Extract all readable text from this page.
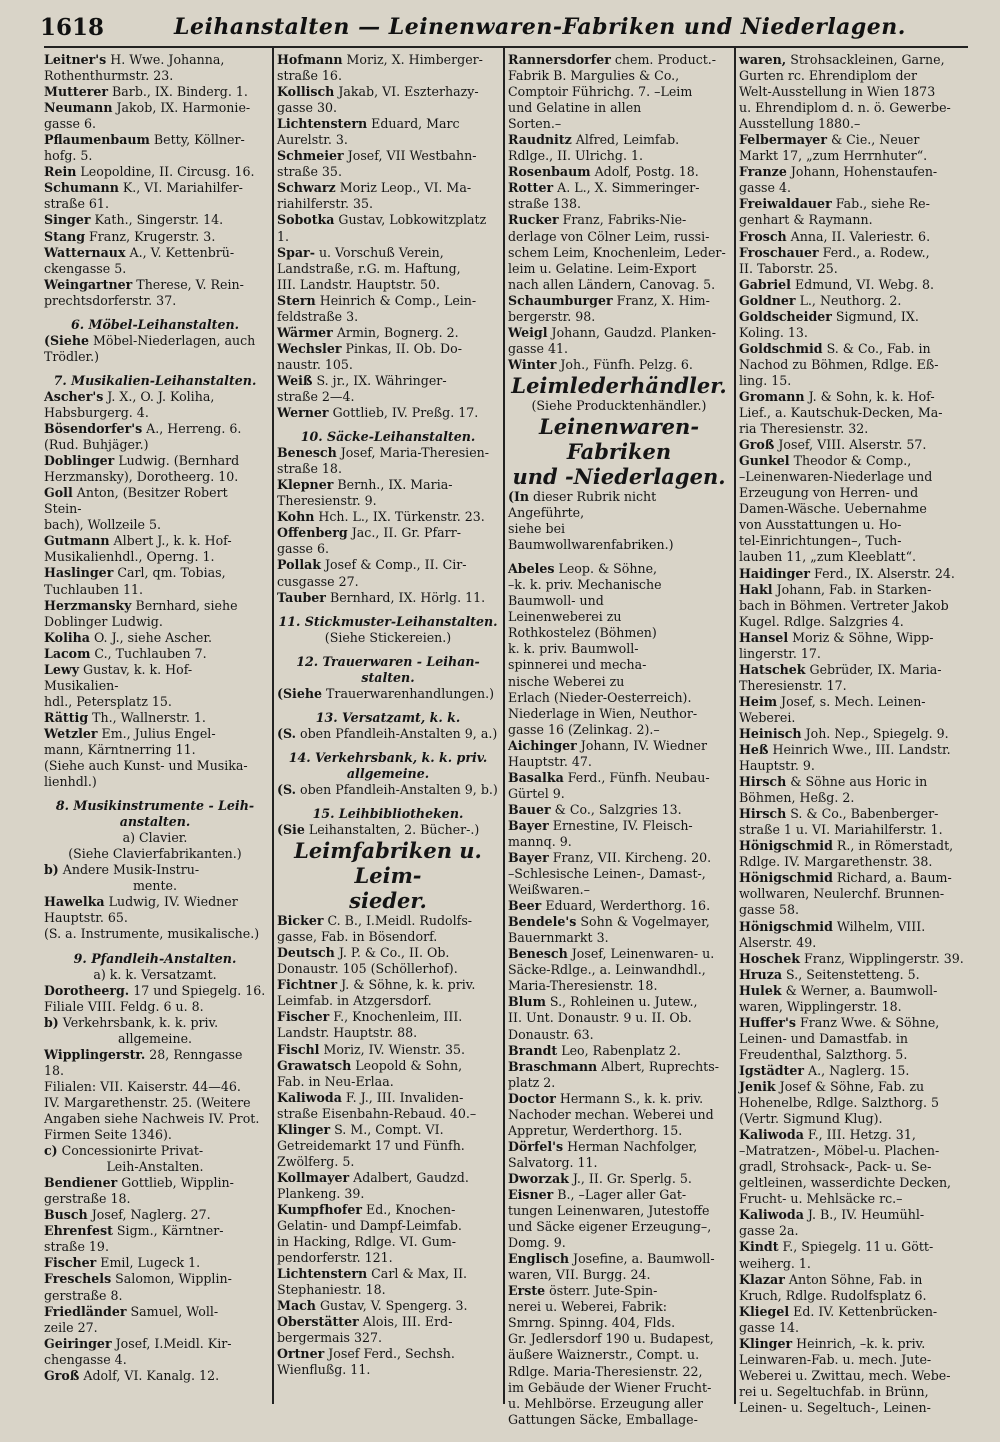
1618	Leihanstalten — Leinenwaren-Fabriken und Niederlagen.

Leitner's H. Wwe. Johanna,

Rothenthurmstr. 23.

Mutterer Barb., IX. Binderg. 1.

Neumann Jakob, IX. Harmonie-

gasse 6.

Pflaumenbaum Betty, Köllner-

hofg. 5.

Rein Leopoldine, II. Circusg. 16.

Schumann K., VI. Mariahilfer-

straße 61.

Singer Kath., Singerstr. 14.

Stang Franz, Krugerstr. 3.

Watternaux A., V. Kettenbrü-

ckengasse 5.

Weingartner Therese, V. Rein-

prechtsdorferstr. 37.

6. Möbel-Leihanstalten.

(Siehe Möbel-Niederlagen, auch

Trödler.)

7. Musikalien-Leihanstalten.

Ascher's J. X., O. J. Koliha,

Habsburgerg. 4.

Bösendorfer's A., Herreng. 6.

(Rud. Buhjäger.)

Doblinger Ludwig. (Bernhard

Herzmansky), Dorotheerg. 10.

Goll Anton, (Besitzer Robert Stein-

bach), Wollzeile 5.

Gutmann Albert J., k. k. Hof-

Musikalienhdl., Operng. 1.

Haslinger Carl, qm. Tobias,

Tuchlauben 11.

Herzmansky Bernhard, siehe

Doblinger Ludwig.

Koliha O. J., siehe Ascher.

Lacom C., Tuchlauben 7.

Lewy Gustav, k. k. Hof-Musikalien-

hdl., Petersplatz 15.

Rättig Th., Wallnerstr. 1.

Wetzler Em., Julius Engel-

mann, Kärntnerring 11.

(Siehe auch Kunst- und Musika-

lienhdl.)

8. Musikinstrumente - Leih-

anstalten.

a) Clavier.

(Siehe Clavierfabrikanten.)

b) Andere Musik-Instru-

mente.

Hawelka Ludwig, IV. Wiedner

Hauptstr. 65.

(S. a. Instrumente, musikalische.)

9. Pfandleih-Anstalten.

a) k. k. Versatzamt.

Dorotheerg. 17 und Spiegelg. 16.

Filiale VIII. Feldg. 6 u. 8.

b) Verkehrsbank, k. k. priv.

allgemeine.

Wipplingerstr. 28, Renngasse 18.

Filialen: VII. Kaiserstr. 44—46.

IV. Margarethenstr. 25. (Weitere

Angaben siehe Nachweis IV. Prot.

Firmen Seite 1346).

c) Concessionirte Privat-

Leih-Anstalten.

Bendiener Gottlieb, Wipplin-

gerstraße 18.

Busch Josef, Naglerg. 27.

Ehrenfest Sigm., Kärntner-

straße 19.

Fischer Emil, Lugeck 1.

Freschels Salomon, Wipplin-

gerstraße 8.

Friedländer Samuel, Woll-

zeile 27.

Geiringer Josef, I.Meidl. Kir-

chengasse 4.

Groß Adolf, VI. Kanalg. 12.

Hofmann Moriz, X. Himberger-

straße 16.

Kollisch Jakab, VI. Eszterhazy-

gasse 30.

Lichtenstern Eduard, Marc

Aurelstr. 3.

Schmeier Josef, VII Westbahn-

straße 35.

Schwarz Moriz Leop., VI. Ma-

riahilferstr. 35.

Sobotka Gustav, Lobkowitzplatz 1.

Spar- u. Vorschuß Verein,

Landstraße, r.G. m. Haftung,

III. Landstr. Hauptstr. 50.

Stern Heinrich & Comp., Lein-

feldstraße 3.

Wärmer Armin, Bognerg. 2.

Wechsler Pinkas, II. Ob. Do-

naustr. 105.

Weiß S. jr., IX. Währinger-

straße 2—4.

Werner Gottlieb, IV. Preßg. 17.

10. Säcke-Leihanstalten.

Benesch Josef, Maria-Theresien-

straße 18.

Klepner Bernh., IX. Maria-

Theresienstr. 9.

Kohn Hch. L., IX. Türkenstr. 23.

Offenberg Jac., II. Gr. Pfarr-

gasse 6.

Pollak Josef & Comp., II. Cir-

cusgasse 27.

Tauber Bernhard, IX. Hörlg. 11.

11. Stickmuster-Leihanstalten.

(Siehe Stickereien.)

12. Trauerwaren - Leihan-

stalten.

(Siehe Trauerwarenhandlungen.)

13. Versatzamt, k. k.

(S. oben Pfandleih-Anstalten 9, a.)

14. Verkehrsbank, k. k. priv.

allgemeine.

(S. oben Pfandleih-Anstalten 9, b.)

15. Leihbibliotheken.

(Sie Leihanstalten, 2. Bücher-.)

Leimfabriken u. Leim-

sieder.

Bicker C. B., I.Meidl. Rudolfs-

gasse, Fab. in Bösendorf.

Deutsch J. P. & Co., II. Ob.

Donaustr. 105 (Schöllerhof).

Fichtner J. & Söhne, k. k. priv.

Leimfab. in Atzgersdorf.

Fischer F., Knochenleim, III.

Landstr. Hauptstr. 88.

Fischl Moriz, IV. Wienstr. 35.

Grawatsch Leopold & Sohn,

Fab. in Neu-Erlaa.

Kaliwoda F. J., III. Invaliden-

straße Eisenbahn-Rebaud. 40.–

Klinger S. M., Compt. VI.

Getreidemarkt 17 und Fünfh.

Zwölferg. 5.

Kollmayer Adalbert, Gaudzd.

Plankeng. 39.

Kumpfhofer Ed., Knochen-

Gelatin- und Dampf-Leimfab.

in Hacking, Rdlge. VI. Gum-

pendorferstr. 121.

Lichtenstern Carl & Max, II.

Stephaniestr. 18.

Mach Gustav, V. Spengerg. 3.

Oberstätter Alois, III. Erd-

bergermais 327.

Ortner Josef Ferd., Sechsh.

Wienflußg. 11.

Rannersdorfer chem. Product.-

Fabrik B. Margulies & Co.,

Comptoir Führichg. 7. –Leim

und Gelatine in allen

Sorten.–

Raudnitz Alfred, Leimfab.

Rdlge., II. Ulrichg. 1.

Rosenbaum Adolf, Postg. 18.

Rotter A. L., X. Simmeringer-

straße 138.

Rucker Franz, Fabriks-Nie-

derlage von Cölner Leim, russi-

schem Leim, Knochenleim, Leder-

leim u. Gelatine. Leim-Export

nach allen Ländern, Canovag. 5.

Schaumburger Franz, X. Him-

bergerstr. 98.

Weigl Johann, Gaudzd. Planken-

gasse 41.

Winter Joh., Fünfh. Pelzg. 6.

Leimlederhändler.

(Siehe Producktenhändler.)

Leinenwaren-Fabriken

und -Niederlagen.

(In dieser Rubrik nicht Angeführte,

siehe bei Baumwollwarenfabriken.)

Abeles Leop. & Söhne,

–k. k. priv. Mechanische

Baumwoll- und

Leinenweberei zu

Rothkostelez (Böhmen)

k. k. priv. Baumwoll-

spinnerei und mecha-

nische Weberei zu

Erlach (Nieder-Oesterreich).

Niederlage in Wien, Neuthor-

gasse 16 (Zelinkag. 2).–

Aichinger Johann, IV. Wiedner

Hauptstr. 47.

Basalka Ferd., Fünfh. Neubau-

Gürtel 9.

Bauer & Co., Salzgries 13.

Bayer Ernestine, IV. Fleisch-

mannq. 9.

Bayer Franz, VII. Kircheng. 20.

–Schlesische Leinen-, Damast-,

Weißwaren.–

Beer Eduard, Werderthorg. 16.

Bendele's Sohn & Vogelmayer,

Bauernmarkt 3.

Benesch Josef, Leinenwaren- u.

Säcke-Rdlge., a. Leinwandhdl.,

Maria-Theresienstr. 18.

Blum S., Rohleinen u. Jutew.,

II. Unt. Donaustr. 9 u. II. Ob.

Donaustr. 63.

Brandt Leo, Rabenplatz 2.

Braschmann Albert, Ruprechts-

platz 2.

Doctor Hermann S., k. k. priv.

Nachoder mechan. Weberei und

Appretur, Werderthorg. 15.

Dörfel's Herman Nachfolger,

Salvatorg. 11.

Dworzak J., II. Gr. Sperlg. 5.

Eisner B., –Lager aller Gat-

tungen Leinenwaren, Jutestoffe

und Säcke eigener Erzeugung–,

Domg. 9.

Englisch Josefine, a. Baumwoll-

waren, VII. Burgg. 24.

Erste österr. Jute-Spin-

nerei u. Weberei, Fabrik:

Smrng. Spinng. 404, Flds.

Gr. Jedlersdorf 190 u. Budapest,

äußere Waiznerstr., Compt. u.

Rdlge. Maria-Theresienstr. 22,

im Gebäude der Wiener Frucht-

u. Mehlbörse. Erzeugung aller

Gattungen Säcke, Emballage-

waren, Strohsackleinen, Garne,

Gurten rc. Ehrendiplom der

Welt-Ausstellung in Wien 1873

u. Ehrendiplom d. n. ö. Gewerbe-

Ausstellung 1880.–

Felbermayer & Cie., Neuer

Markt 17, „zum Herrnhuter“.

Franze Johann, Hohenstaufen-

gasse 4.

Freiwaldauer Fab., siehe Re-

genhart & Raymann.

Frosch Anna, II. Valeriestr. 6.

Froschauer Ferd., a. Rodew.,

II. Taborstr. 25.

Gabriel Edmund, VI. Webg. 8.

Goldner L., Neuthorg. 2.

Goldscheider Sigmund, IX.

Koling. 13.

Goldschmid S. & Co., Fab. in

Nachod zu Böhmen, Rdlge. Eß-

ling. 15.

Gromann J. & Sohn, k. k. Hof-

Lief., a. Kautschuk-Decken, Ma-

ria Theresienstr. 32.

Groß Josef, VIII. Alserstr. 57.

Gunkel Theodor & Comp.,

–Leinenwaren-Niederlage und

Erzeugung von Herren- und

Damen-Wäsche. Uebernahme

von Ausstattungen u. Ho-

tel-Einrichtungen–, Tuch-

lauben 11, „zum Kleeblatt“.

Haidinger Ferd., IX. Alserstr. 24.

Hakl Johann, Fab. in Starken-

bach in Böhmen. Vertreter Jakob

Kugel. Rdlge. Salzgries 4.

Hansel Moriz & Söhne, Wipp-

lingerstr. 17.

Hatschek Gebrüder, IX. Maria-

Theresienstr. 17.

Heim Josef, s. Mech. Leinen-

Weberei.

Heinisch Joh. Nep., Spiegelg. 9.

Heß Heinrich Wwe., III. Landstr.

Hauptstr. 9.

Hirsch & Söhne aus Horic in

Böhmen, Heßg. 2.

Hirsch S. & Co., Babenberger-

straße 1 u. VI. Mariahilferstr. 1.

Hönigschmid R., in Römerstadt,

Rdlge. IV. Margarethenstr. 38.

Hönigschmid Richard, a. Baum-

wollwaren, Neulerchf. Brunnen-

gasse 58.

Hönigschmid Wilhelm, VIII.

Alserstr. 49.

Hoschek Franz, Wipplingerstr. 39.

Hruza S., Seitenstetteng. 5.

Hulek & Werner, a. Baumwoll-

waren, Wipplingerstr. 18.

Huffer's Franz Wwe. & Söhne,

Leinen- und Damastfab. in

Freudenthal, Salzthorg. 5.

Igstädter A., Naglerg. 15.

Jenik Josef & Söhne, Fab. zu

Hohenelbe, Rdlge. Salzthorg. 5

(Vertr. Sigmund Klug).

Kaliwoda F., III. Hetzg. 31,

–Matratzen-, Möbel-u. Plachen-

gradl, Strohsack-, Pack- u. Se-

geltleinen, wasserdichte Decken,

Frucht- u. Mehlsäcke rc.–

Kaliwoda J. B., IV. Heumühl-

gasse 2a.

Kindt F., Spiegelg. 11 u. Gött-

weiherg. 1.

Klazar Anton Söhne, Fab. in

Kruch, Rdlge. Rudolfsplatz 6.

Kliegel Ed. IV. Kettenbrücken-

gasse 14.

Klinger Heinrich, –k. k. priv.

Leinwaren-Fab. u. mech. Jute-

Weberei u. Zwittau, mech. Webe-

rei u. Segeltuchfab. in Brünn,

Leinen- u. Segeltuch-, Leinen-
